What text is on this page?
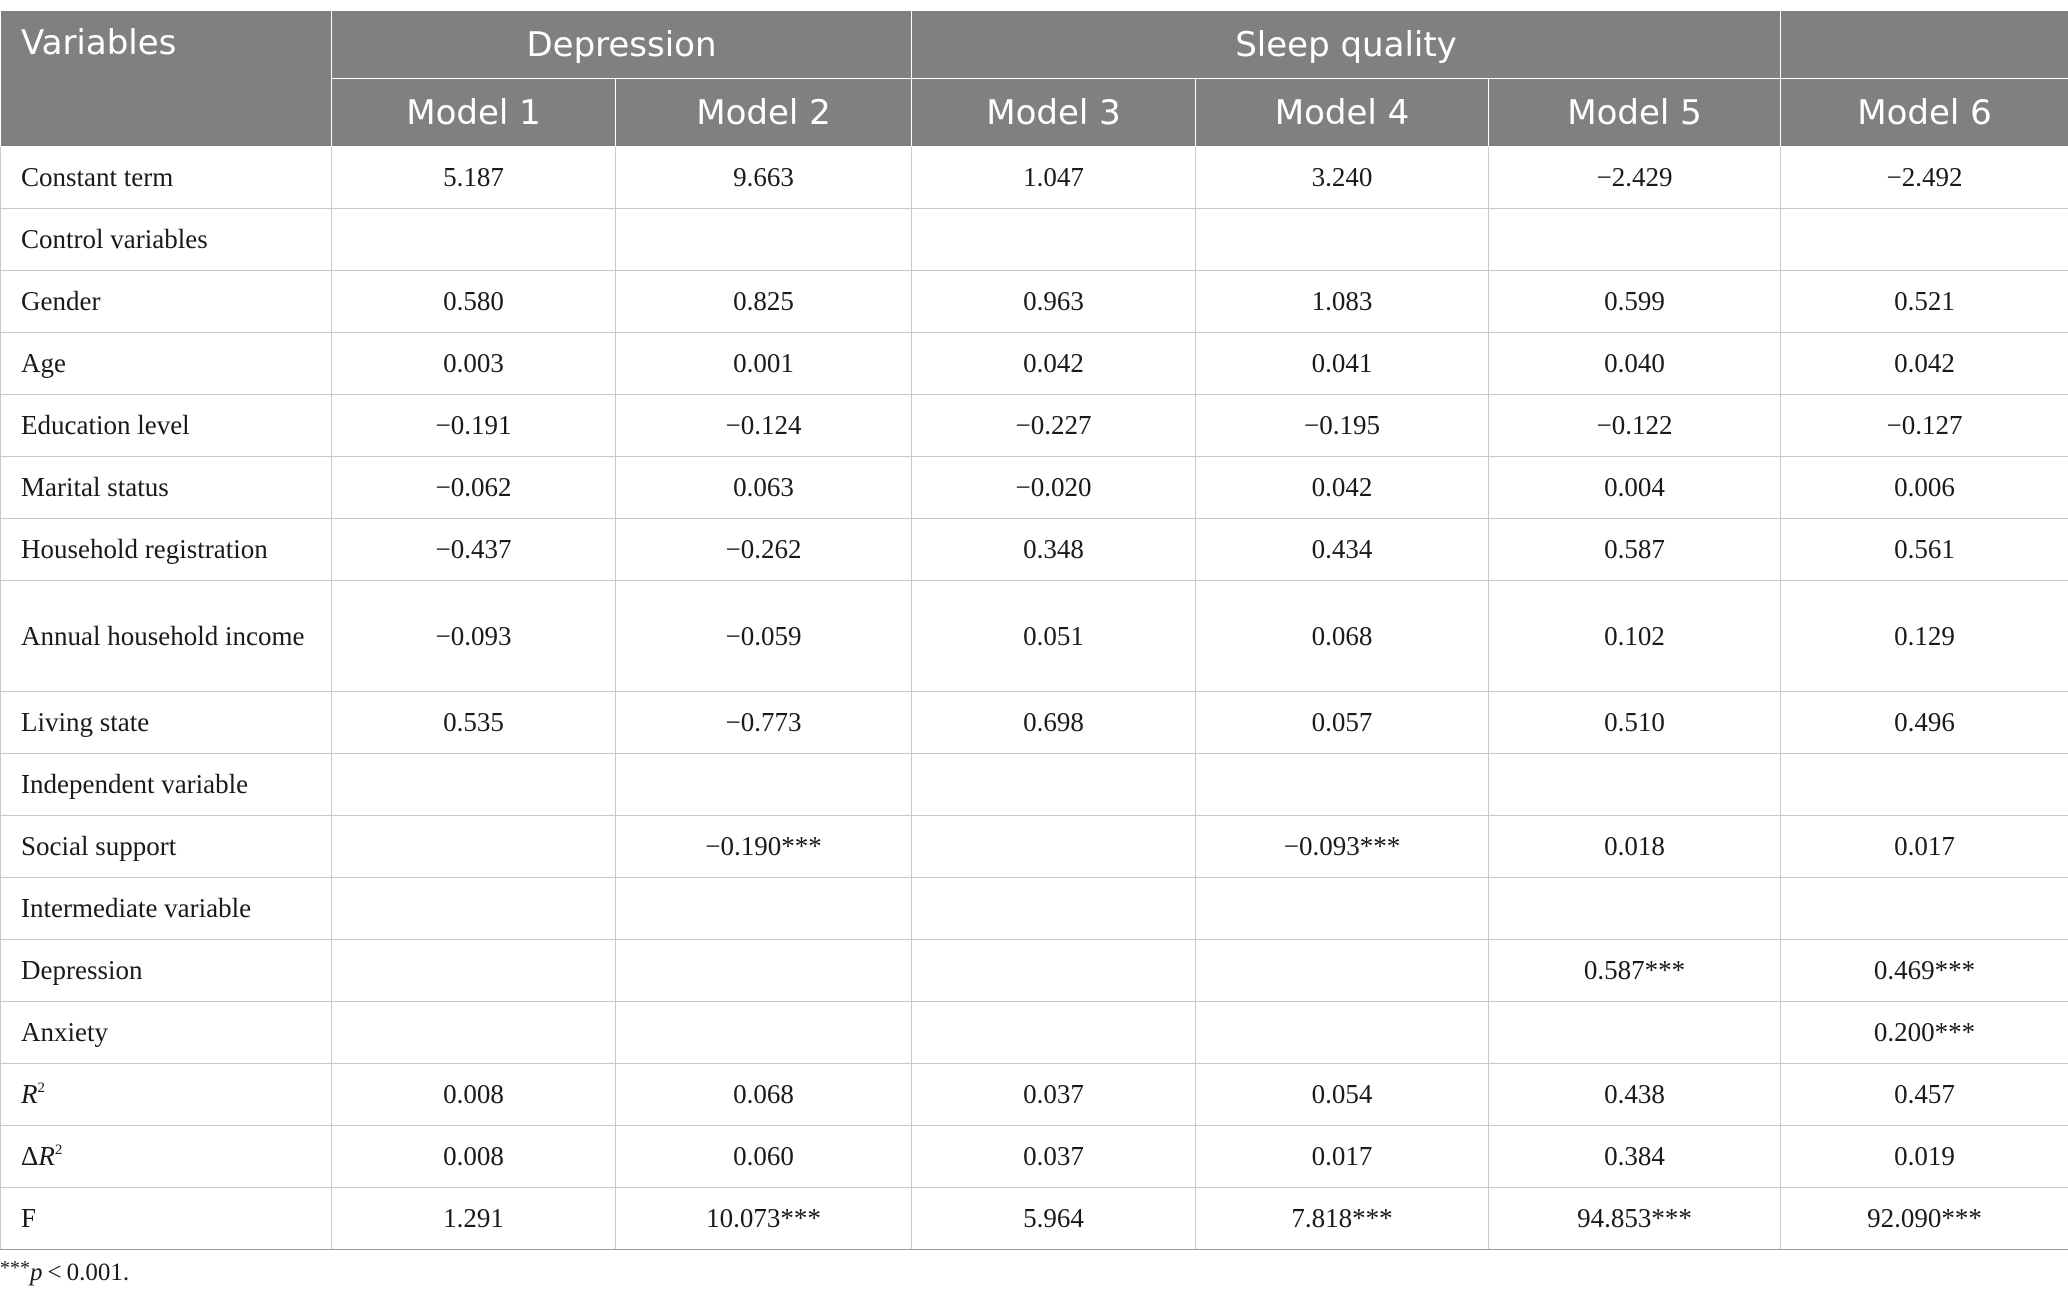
Variables	Depression		Sleep quality			
	Model 1	Model 2	Model 3	Model 4	Model 5	Model 6
Constant term	5.187	9.663	1.047	3.240	−2.429	−2.492
Control variables						
Gender	0.580	0.825	0.963	1.083	0.599	0.521
Age	0.003	0.001	0.042	0.041	0.040	0.042
Education level	−0.191	−0.124	−0.227	−0.195	−0.122	−0.127
Marital status	−0.062	0.063	−0.020	0.042	0.004	0.006
Household registration	−0.437	−0.262	0.348	0.434	0.587	0.561
Annual household income	−0.093	−0.059	0.051	0.068	0.102	0.129
Living state	0.535	−0.773	0.698	0.057	0.510	0.496
Independent variable						
Social support		−0.190***		−0.093***	0.018	0.017
Intermediate variable						
Depression					0.587***	0.469***
Anxiety						0.200***
$R^2$	0.008	0.068	0.037	0.054	0.438	0.457
$\Delta R^2$	0.008	0.060	0.037	0.017	0.384	0.019
F	1.291	10.073***	5.964	7.818***	94.853***	92.090***
***p < 0.001.
